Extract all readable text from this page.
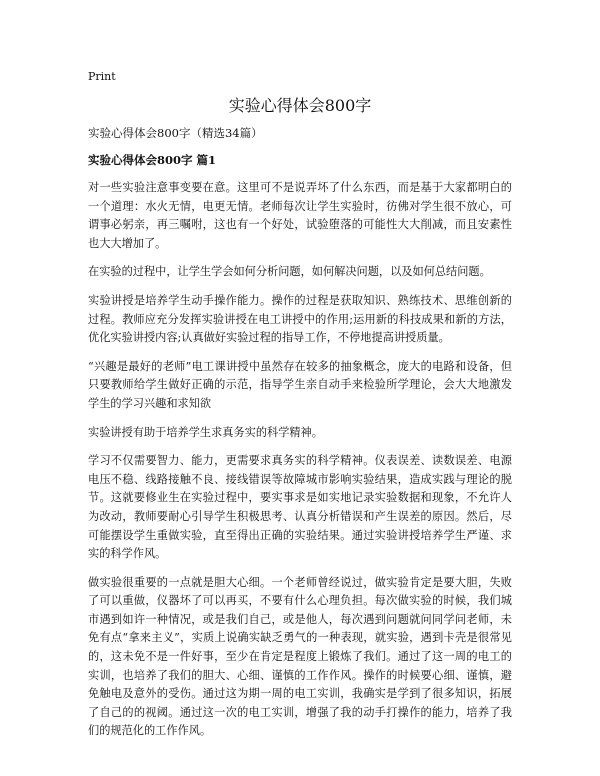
Print
实验心得体会800字
实验心得体会800字（精选34篇）
实验心得体会800字 篇1

对一些实验注意事变要在意。这里可不是说弄坏了什么东西，而是基于大家都明白的一个道理：水火无情，电更无情。老师每次让学生实验时，彷佛对学生很不放心，可谓事必躬亲，再三嘱咐，这也有一个好处，试验堕落的可能性大大削减，而且安素性也大大增加了。

在实验的过程中，让学生学会如何分析问题，如何解决问题，以及如何总结问题。

实验讲授是培养学生动手操作能力。操作的过程是获取知识、熟练技术、思维创新的过程。教师应充分发挥实验讲授在电工讲授中的作用;运用新的科技成果和新的方法，优化实验讲授内容;认真做好实验过程的指导工作，不停地提高讲授质量。

“兴趣是最好的老师”电工课讲授中虽然存在较多的抽象概念，庞大的电路和设备，但只要教师给学生做好正确的示范，指导学生亲自动手来检验所学理论，会大大地激发学生的学习兴趣和求知欲

实验讲授有助于培养学生求真务实的科学精神。

学习不仅需要智力、能力，更需要求真务实的科学精神。仪表误差、读数误差、电源电压不稳、线路接触不良、接线错误等故障城市影响实验结果，造成实践与理论的脱节。这就要修业生在实验过程中，要实事求是如实地记录实验数据和现象，不允许人为改动，教师要耐心引导学生积极思考、认真分析错误和产生误差的原因。然后，尽可能摆设学生重做实验，直至得出正确的实验结果。通过实验讲授培养学生严谨、求实的科学作风。

做实验很重要的一点就是胆大心细。一个老师曾经说过，做实验肯定是要大胆，失败了可以重做，仪器坏了可以再买，不要有什么心理负担。每次做实验的时候，我们城市遇到如许一种情况，或是我们自己，或是他人，每次遇到问题就问同学问老师，未免有点“拿来主义”，实质上说确实缺乏勇气的一种表现，就实验，遇到卡壳是很常见的，这未免不是一件好事，至少在肯定是程度上锻炼了我们。通过了这一周的电工的实训，也培养了我们的胆大、心细、谨慎的工作作风。操作的时候要心细、谨慎，避免触电及意外的受伤。通过这为期一周的电工实训，我确实是学到了很多知识，拓展了自己的的视阈。通过这一次的电工实训，增强了我的动手打操作的能力，培养了我们的规范化的工作作风。
